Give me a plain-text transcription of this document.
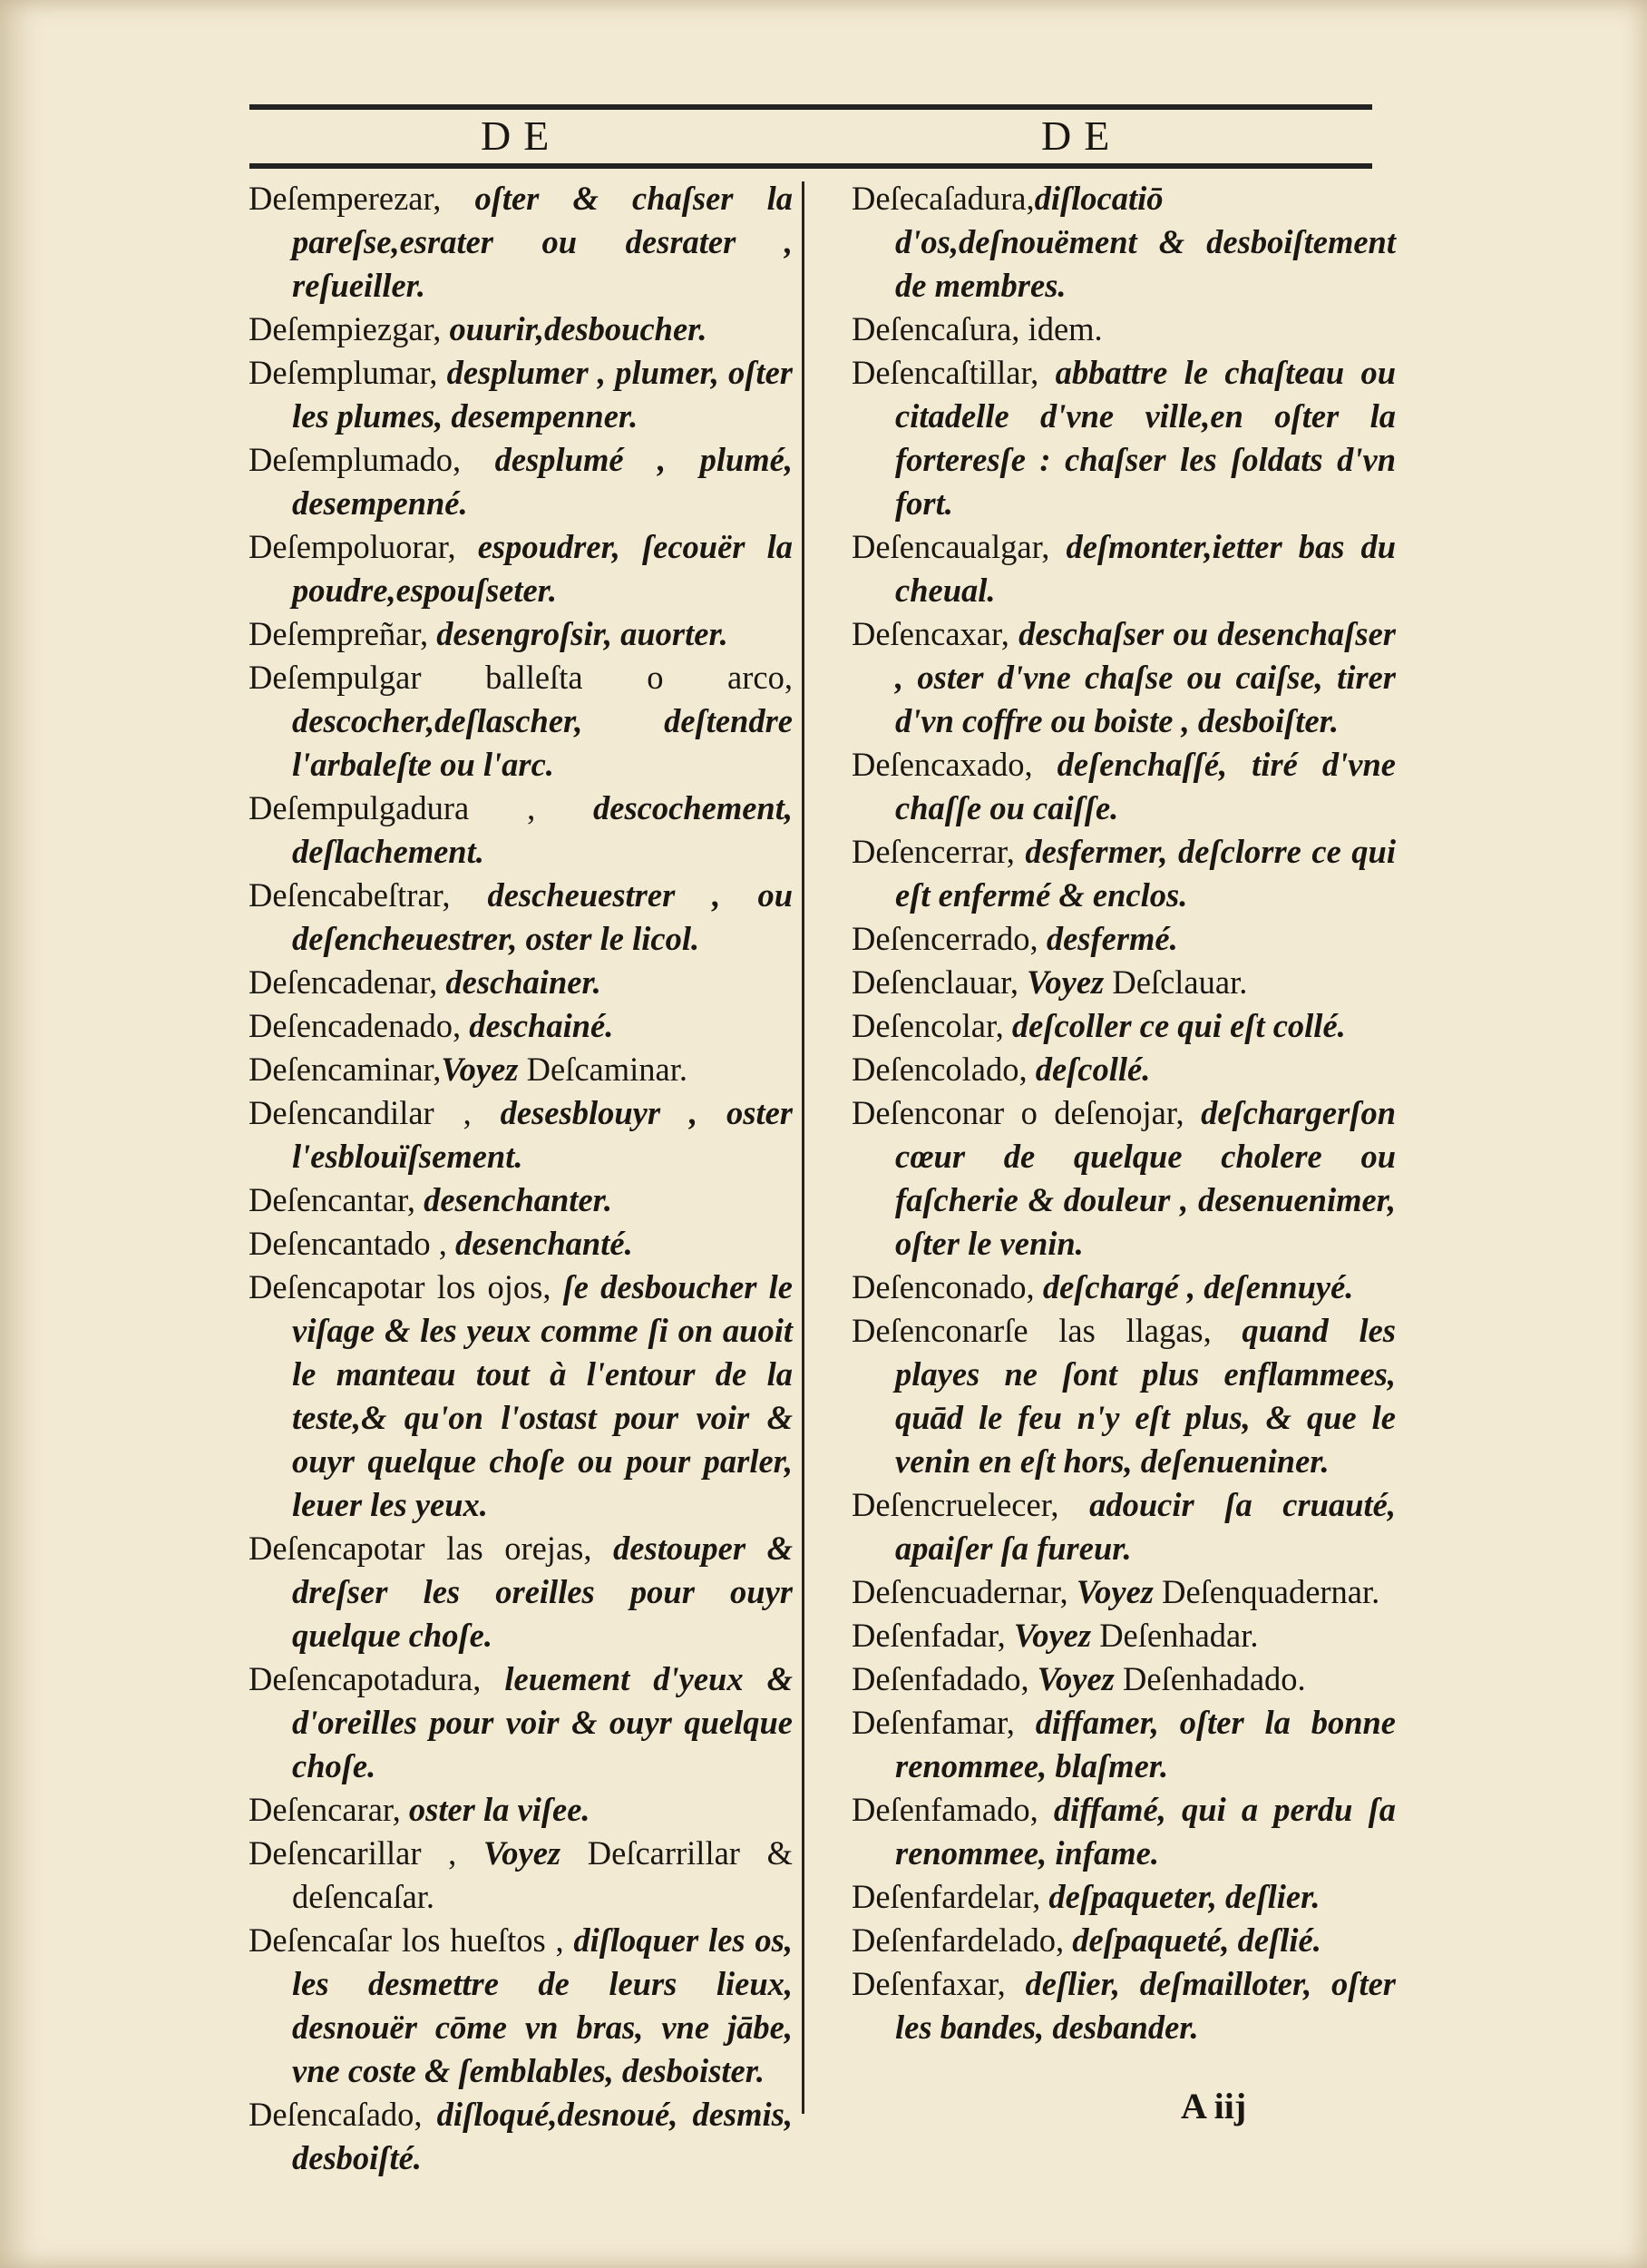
DE	DE

Deſemperezar, oſter & chaſser la pareſse,esrater ou desrater , reſueiller.

Deſempiezgar, ouurir,desboucher.

Deſemplumar, desplumer , plumer, oſter les plumes, desempenner.

Deſemplumado, desplumé , plumé, desempenné.

Deſempoluorar, espoudrer, ſecouër la poudre,espouſseter.

Deſempreñar, desengroſsir, auorter.

Deſempulgar balleſta o arco, descocher,deſlascher, deſtendre l'arbaleſte ou l'arc.

Deſempulgadura , descochement, deſlachement.

Deſencabeſtrar, descheuestrer , ou deſencheuestrer, oster le licol.

Deſencadenar, deschainer.

Deſencadenado, deschainé.

Deſencaminar,Voyez Deſcaminar.

Deſencandilar , desesblouyr , oster l'esblouïſsement.

Deſencantar, desenchanter.

Deſencantado , desenchanté.

Deſencapotar los ojos, ſe desboucher le viſage & les yeux comme ſi on auoit le manteau tout à l'entour de la teste,& qu'on l'ostast pour voir & ouyr quelque choſe ou pour parler, leuer les yeux.

Deſencapotar las orejas, destouper & dreſser les oreilles pour ouyr quelque choſe.

Deſencapotadura, leuement d'yeux & d'oreilles pour voir & ouyr quelque choſe.

Deſencarar, oster la viſee.

Deſencarillar , Voyez Deſcarrillar & deſencaſar.

Deſencaſar los hueſtos , diſloquer les os, les desmettre de leurs lieux, desnouër cōme vn bras, vne jābe, vne coste & ſemblables, desboister.

Deſencaſado, diſloqué,desnoué, desmis, desboiſté.

Deſecaſadura,diſlocatiō d'os,deſnouëment & desboiſtement de membres.

Deſencaſura, idem.

Deſencaſtillar, abbattre le chaſteau ou citadelle d'vne ville,en oſter la forteresſe : chaſser les ſoldats d'vn fort.

Deſencaualgar, deſmonter,ietter bas du cheual.

Deſencaxar, deschaſser ou desenchaſser , oster d'vne chaſse ou caiſse, tirer d'vn coffre ou boiste , desboiſter.

Deſencaxado, deſenchaſſé, tiré d'vne chaſſe ou caiſſe.

Deſencerrar, desfermer, deſclorre ce qui eſt enfermé & enclos.

Deſencerrado, desfermé.

Deſenclauar, Voyez Deſclauar.

Deſencolar, deſcoller ce qui eſt collé.

Deſencolado, deſcollé.

Deſenconar o deſenojar, deſchargerſon cœur de quelque cholere ou faſcherie & douleur , desenuenimer, oſter le venin.

Deſenconado, deſchargé , deſennuyé.

Deſenconarſe las llagas, quand les playes ne ſont plus enflammees, quād le feu n'y eſt plus, & que le venin en eſt hors, deſenueniner.

Deſencruelecer, adoucir ſa cruauté, apaiſer ſa fureur.

Deſencuadernar, Voyez Deſenquadernar.

Deſenfadar, Voyez Deſenhadar.

Deſenfadado, Voyez Deſenhadado.

Deſenfamar, diffamer, oſter la bonne renommee, blaſmer.

Deſenfamado, diffamé, qui a perdu ſa renommee, infame.

Deſenfardelar, deſpaqueter, deſlier.

Deſenfardelado, deſpaqueté, deſlié.

Deſenfaxar, deſlier, deſmailloter, oſter les bandes, desbander.

A iij
